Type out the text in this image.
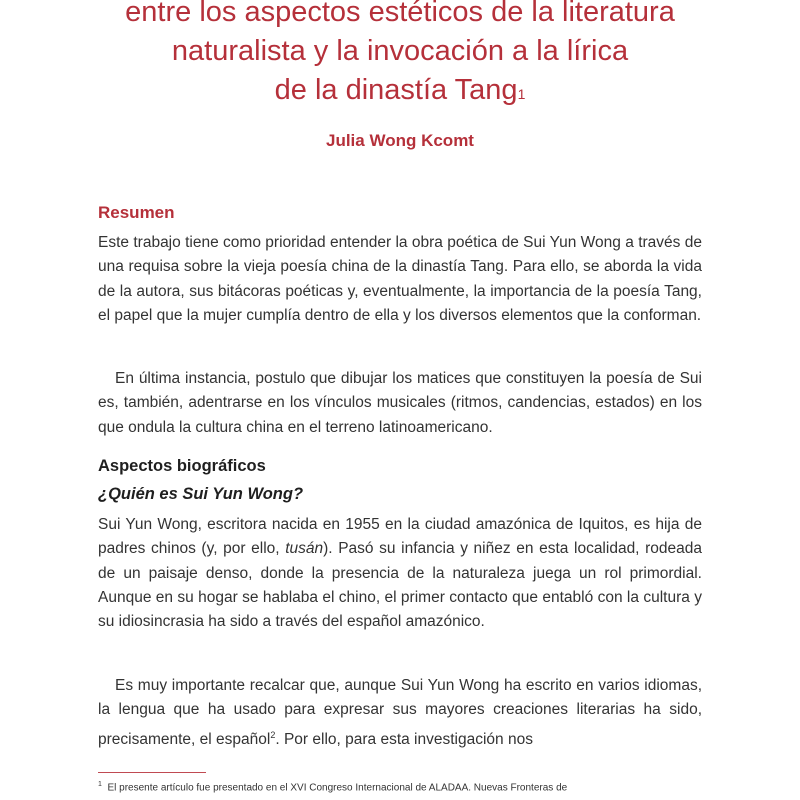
entre los aspectos estéticos de la literatura
naturalista y la invocación a la lírica
de la dinastía Tang$^1$
Julia Wong Kcomt
Resumen

Este trabajo tiene como prioridad entender la obra poética de Sui Yun Wong a través de una requisa sobre la vieja poesía china de la dinastía Tang. Para ello, se aborda la vida de la autora, sus bitácoras poéticas y, eventualmente, la importancia de la poesía Tang, el papel que la mujer cumplía dentro de ella y los diversos elementos que la conforman.

En última instancia, postulo que dibujar los matices que constituyen la poesía de Sui es, también, adentrarse en los vínculos musicales (ritmos, candencias, estados) en los que ondula la cultura china en el terreno latinoamericano.

Aspectos biográficos
¿Quién es Sui Yun Wong?

Sui Yun Wong, escritora nacida en 1955 en la ciudad amazónica de Iquitos, es hija de padres chinos (y, por ello, tusán). Pasó su infancia y niñez en esta localidad, rodeada de un paisaje denso, donde la presencia de la naturaleza juega un rol primordial. Aunque en su hogar se hablaba el chino, el primer contacto que entabló con la cultura y su idiosincrasia ha sido a través del español amazónico.

Es muy importante recalcar que, aunque Sui Yun Wong ha escrito en varios idiomas, la lengua que ha usado para expresar sus mayores creaciones literarias ha sido, precisamente, el español$^2$. Por ello, para esta investigación nos

$^1$ El presente artículo fue presentado en el XVI Congreso Internacional de ALADAA. Nuevas Fronteras de
